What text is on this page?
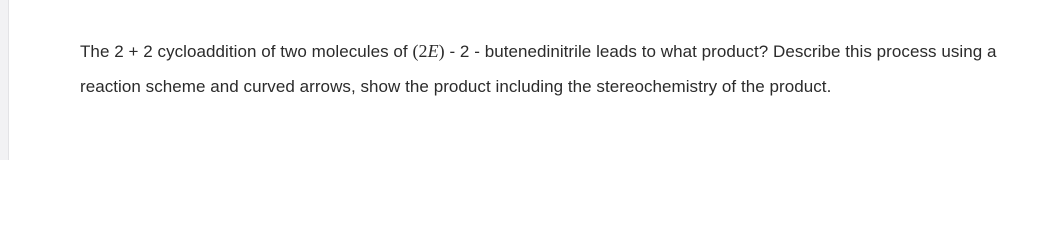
The 2 + 2 cycloaddition of two molecules of (2E) - 2 - butenedinitrile leads to what product? Describe this process using a reaction scheme and curved arrows, show the product including the stereochemistry of the product.
